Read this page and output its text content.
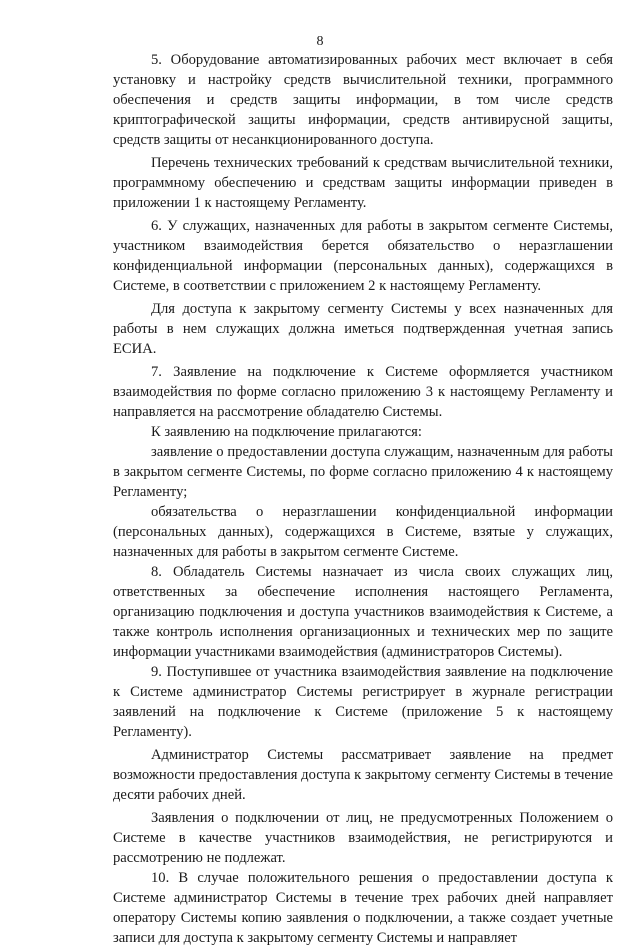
8

5. Оборудование автоматизированных рабочих мест включает в себя установку и настройку средств вычислительной техники, программного обеспечения и средств защиты информации, в том числе средств криптографической защиты информации, средств антивирусной защиты, средств защиты от несанкционированного доступа.

Перечень технических требований к средствам вычислительной техники, программному обеспечению и средствам защиты информации приведен в приложении 1 к настоящему Регламенту.

6. У служащих, назначенных для работы в закрытом сегменте Системы, участником взаимодействия берется обязательство о неразглашении конфиденциальной информации (персональных данных), содержащихся в Системе, в соответствии с приложением 2 к настоящему Регламенту.

Для доступа к закрытому сегменту Системы у всех назначенных для работы в нем служащих должна иметься подтвержденная учетная запись ЕСИА.

7. Заявление на подключение к Системе оформляется участником взаимодействия по форме согласно приложению 3 к настоящему Регламенту и направляется на рассмотрение обладателю Системы.

К заявлению на подключение прилагаются:

заявление о предоставлении доступа служащим, назначенным для работы в закрытом сегменте Системы, по форме согласно приложению 4 к настоящему Регламенту;

обязательства о неразглашении конфиденциальной информации (персональных данных), содержащихся в Системе, взятые у служащих, назначенных для работы в закрытом сегменте Системе.

8. Обладатель Системы назначает из числа своих служащих лиц, ответственных за обеспечение исполнения настоящего Регламента, организацию подключения и доступа участников взаимодействия к Системе, а также контроль исполнения организационных и технических мер по защите информации участниками взаимодействия (администраторов Системы).

9. Поступившее от участника взаимодействия заявление на подключение к Системе администратор Системы регистрирует в журнале регистрации заявлений на подключение к Системе (приложение 5 к настоящему Регламенту).

Администратор Системы рассматривает заявление на предмет возможности предоставления доступа к закрытому сегменту Системы в течение десяти рабочих дней.

Заявления о подключении от лиц, не предусмотренных Положением о Системе в качестве участников взаимодействия, не регистрируются и рассмотрению не подлежат.

10. В случае положительного решения о предоставлении доступа к Системе администратор Системы в течение трех рабочих дней направляет оператору Системы копию заявления о подключении, а также создает учетные записи для доступа к закрытому сегменту Системы и направляет
